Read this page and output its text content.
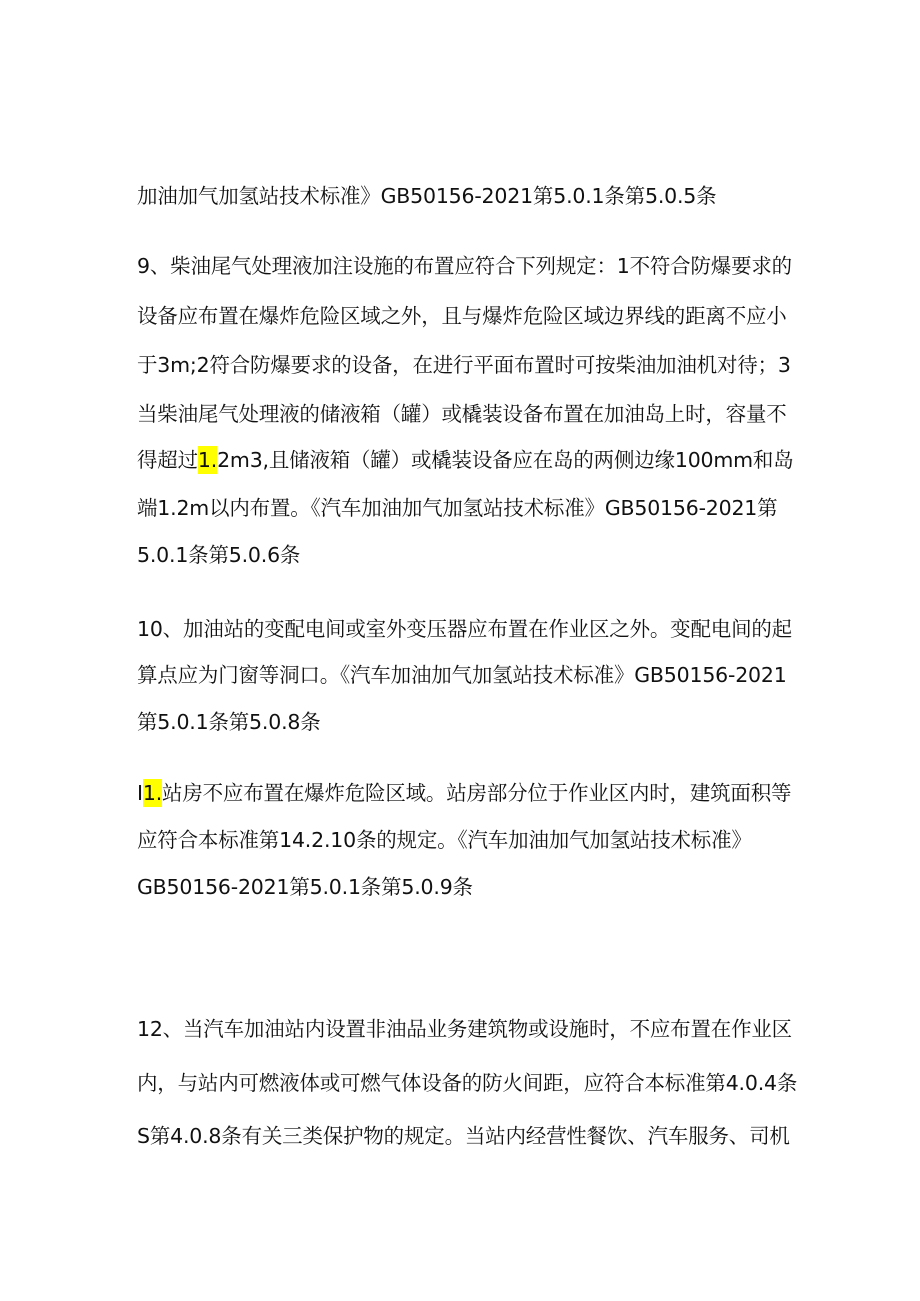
加油加气加氢站技术标准》GB50156-2021第5.0.1条第5.0.5条
9、柴油尾气处理液加注设施的布置应符合下列规定：1不符合防爆要求的
设备应布置在爆炸危险区域之外，且与爆炸危险区域边界线的距离不应小
于3m;2符合防爆要求的设备，在进行平面布置时可按柴油加油机对待；3
当柴油尾气处理液的储液箱（罐）或橇装设备布置在加油岛上时，容量不
得超过1.2m3,且储液箱（罐）或橇装设备应在岛的两侧边缘100mm和岛
端1.2m以内布置。《汽车加油加气加氢站技术标准》GB50156-2021第
5.0.1条第5.0.6条
10、加油站的变配电间或室外变压器应布置在作业区之外。变配电间的起
算点应为门窗等洞口。《汽车加油加气加氢站技术标准》GB50156-2021
第5.0.1条第5.0.8条
I1.站房不应布置在爆炸危险区域。站房部分位于作业区内时，建筑面积等
应符合本标准第14.2.10条的规定。《汽车加油加气加氢站技术标准》
GB50156-2021第5.0.1条第5.0.9条
12、当汽车加油站内设置非油品业务建筑物或设施时，不应布置在作业区
内，与站内可燃液体或可燃气体设备的防火间距，应符合本标准第4.0.4条
S第4.0.8条有关三类保护物的规定。当站内经营性餐饮、汽车服务、司机
